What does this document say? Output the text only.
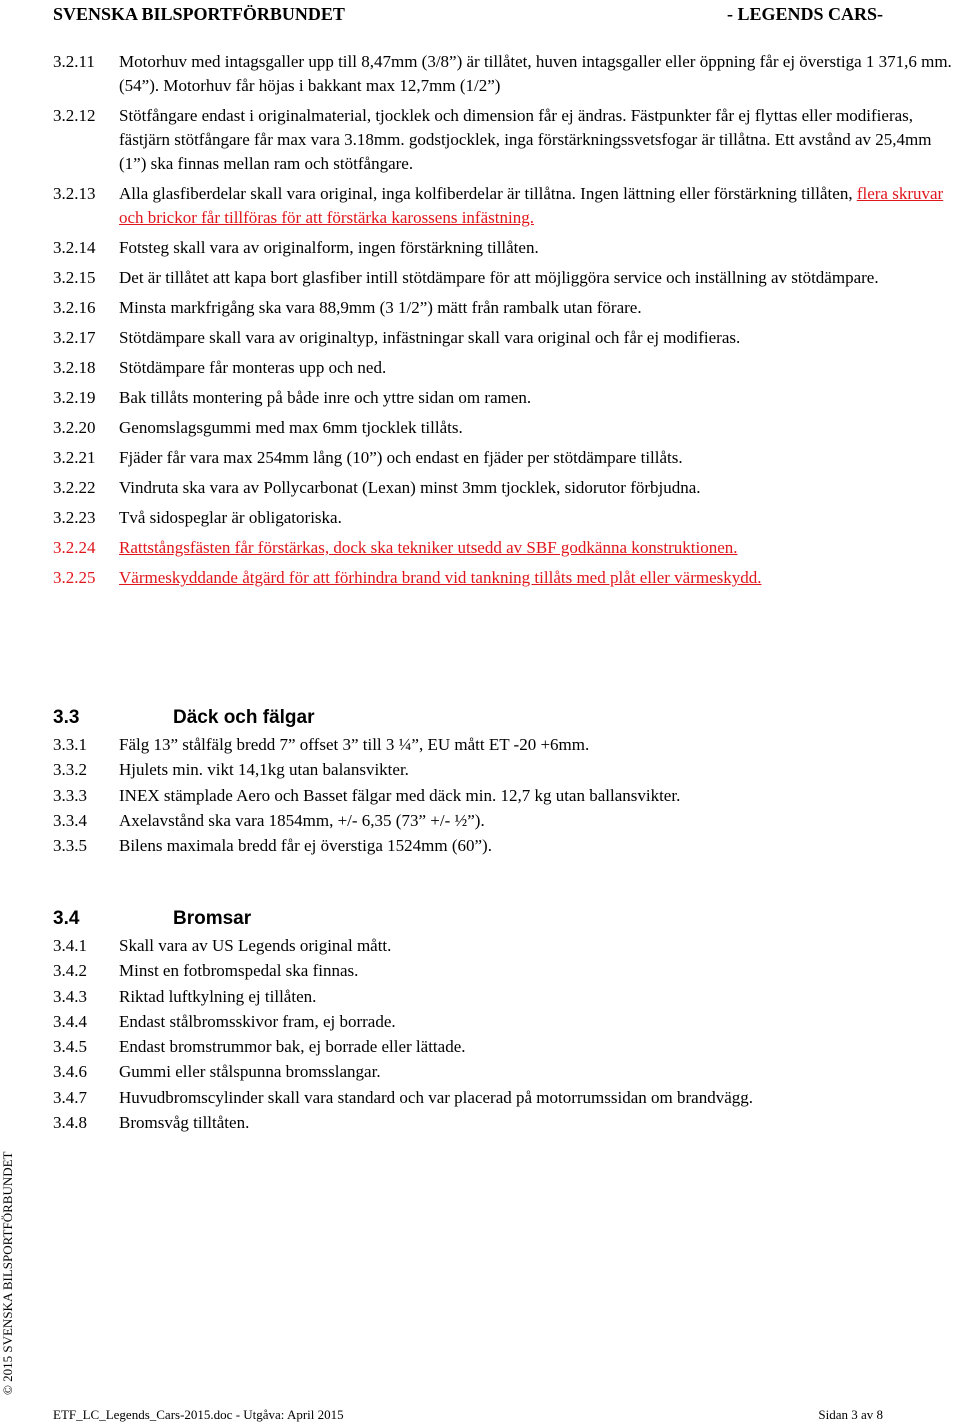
SVENSKA BILSPORTFÖRBUNDET	- LEGENDS CARS-
3.2.11	Motorhuv med intagsgaller upp till 8,47mm (3/8”) är tillåtet, huven intagsgaller eller öppning får ej överstiga 1 371,6 mm. (54”). Motorhuv får höjas i bakkant max 12,7mm (1/2”)
3.2.12	Stötfångare endast i originalmaterial, tjocklek och dimension får ej ändras. Fästpunkter får ej flyttas eller modifieras, fästjärn stötfångare får max vara 3.18mm. godstjocklek, inga förstärkningssvetsfogar är tillåtna. Ett avstånd av 25,4mm (1”) ska finnas mellan ram och stötfångare.
3.2.13	Alla glasfiberdelar skall vara original, inga kolfiberdelar är tillåtna. Ingen lättning eller förstärkning tillåten, flera skruvar och brickor får tillföras för att förstärka karossens infästning.
3.2.14	Fotsteg skall vara av originalform, ingen förstärkning tillåten.
3.2.15	Det är tillåtet att kapa bort glasfiber intill stötdämpare för att möjliggöra service och inställning av stötdämpare.
3.2.16	Minsta markfrigång ska vara 88,9mm (3 1/2”) mätt från rambalk utan förare.
3.2.17	Stötdämpare skall vara av originaltyp, infästningar skall vara original och får ej modifieras.
3.2.18	Stötdämpare får monteras upp och ned.
3.2.19	Bak tillåts montering på både inre och yttre sidan om ramen.
3.2.20	Genomslagsgummi med max 6mm tjocklek tillåts.
3.2.21	Fjäder får vara max 254mm lång (10”) och endast en fjäder per stötdämpare tillåts.
3.2.22	Vindruta ska vara av Pollycarbonat (Lexan) minst 3mm tjocklek, sidorutor förbjudna.
3.2.23	Två sidospeglar är obligatoriska.
3.2.24	Rattstångsfästen får förstärkas, dock ska tekniker utsedd av SBF godkänna konstruktionen.
3.2.25	Värmeskyddande åtgärd för att förhindra brand vid tankning tillåts med plåt eller värmeskydd.
3.3	Däck och fälgar
3.3.1	Fälg 13” stålfälg bredd 7” offset 3” till 3 ¼”, EU mått ET -20 +6mm.
3.3.2	Hjulets min. vikt 14,1kg utan balansvikter.
3.3.3	INEX stämplade Aero och Basset fälgar med däck min. 12,7 kg utan ballansvikter.
3.3.4	Axelavstånd ska vara 1854mm, +/- 6,35 (73” +/- ½”).
3.3.5	Bilens maximala bredd får ej överstiga 1524mm (60”).
3.4	Bromsar
3.4.1	Skall vara av US Legends original mått.
3.4.2	Minst en fotbromspedal ska finnas.
3.4.3	Riktad luftkylning ej tillåten.
3.4.4	Endast stålbromsskivor fram, ej borrade.
3.4.5	Endast bromstrummor bak, ej borrade eller lättade.
3.4.6	Gummi eller stålspunna bromsslangar.
3.4.7	Huvudbromscylinder skall vara standard och var placerad på motorrumssidan om brandvägg.
3.4.8	Bromsvåg tilltåten.
© 2015 SVENSKA BILSPORTFÖRBUNDET
ETF_LC_Legends_Cars-2015.doc - Utgåva: April 2015	Sidan 3 av 8
